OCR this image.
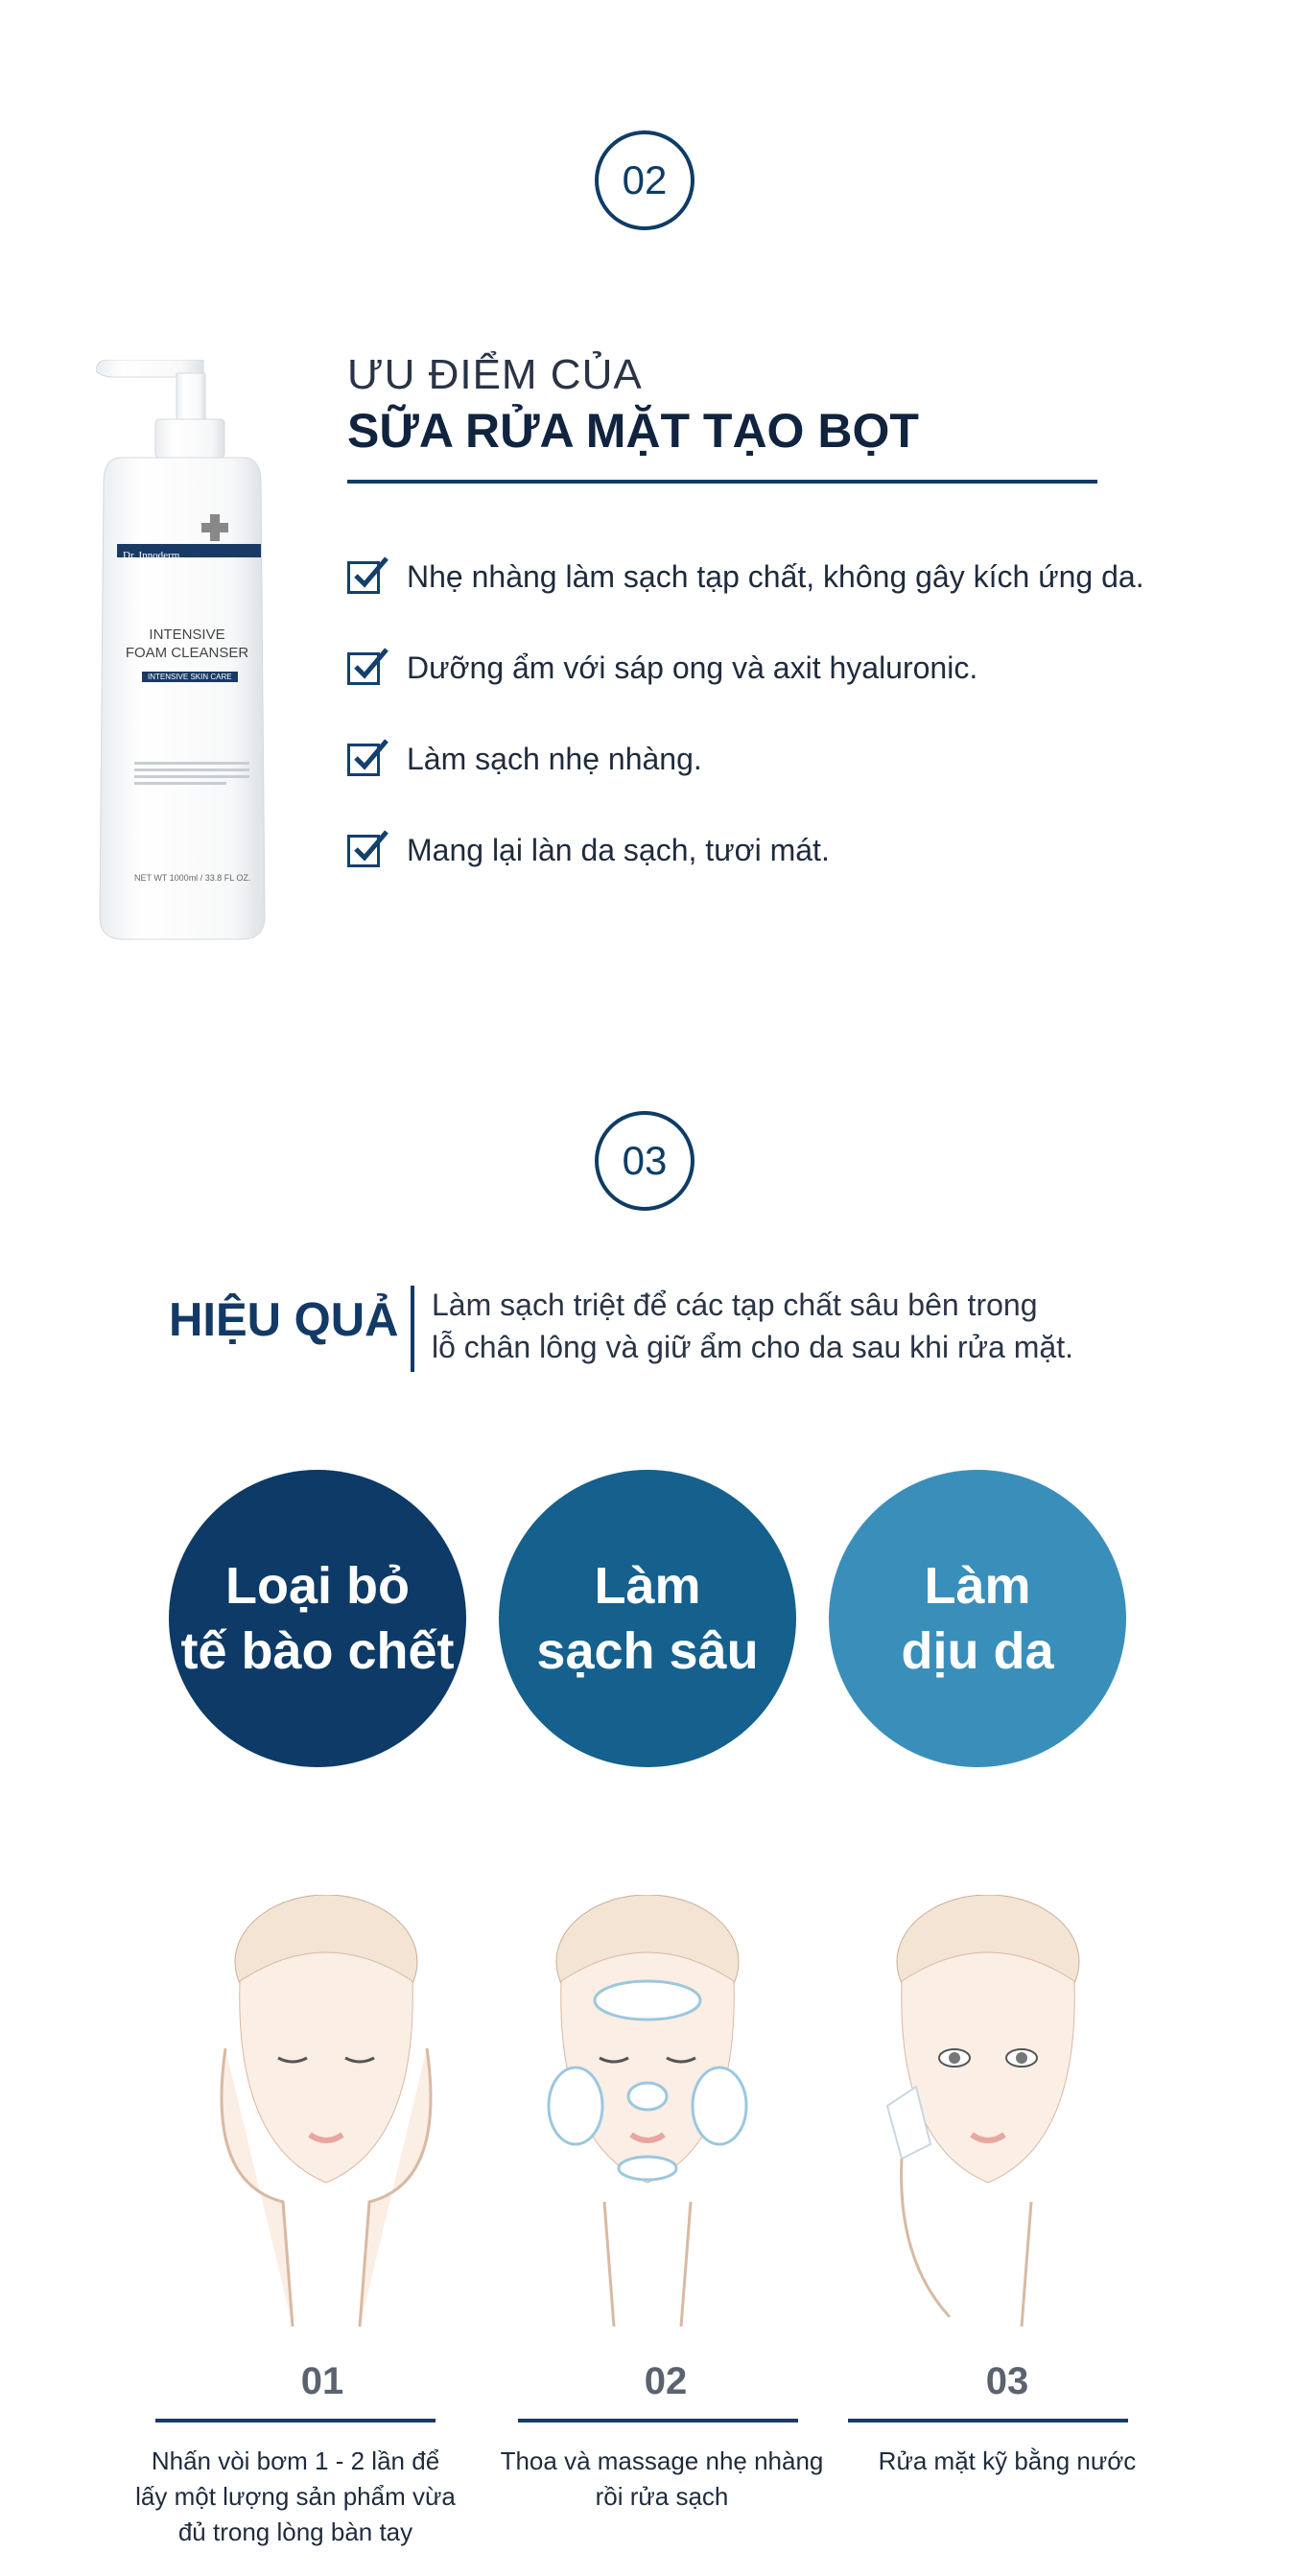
02
Dr. Innoderm
INTENSIVE
FOAM CLEANSER
INTENSIVE SKIN CARE
NET WT 1000ml / 33.8 FL OZ.
ƯU ĐIỂM CỦA
SỮA RỬA MẶT TẠO BỌT
Nhẹ nhàng làm sạch tạp chất, không gây kích ứng da.
Dưỡng ẩm với sáp ong và axit hyaluronic.
Làm sạch nhẹ nhàng.
Mang lại làn da sạch, tươi mát.
03
HIỆU QUẢ Làm sạch triệt để các tạp chất sâu bên trong
lỗ chân lông và giữ ẩm cho da sau khi rửa mặt.
Loại bỏ
tế bào chết
Làm
sạch sâu
Làm
dịu da
01
Nhấn vòi bơm 1 - 2 lần để lấy một lượng sản phẩm vừa đủ trong lòng bàn tay
02
Thoa và massage nhẹ nhàng rồi rửa sạch
03
Rửa mặt kỹ bằng nước
